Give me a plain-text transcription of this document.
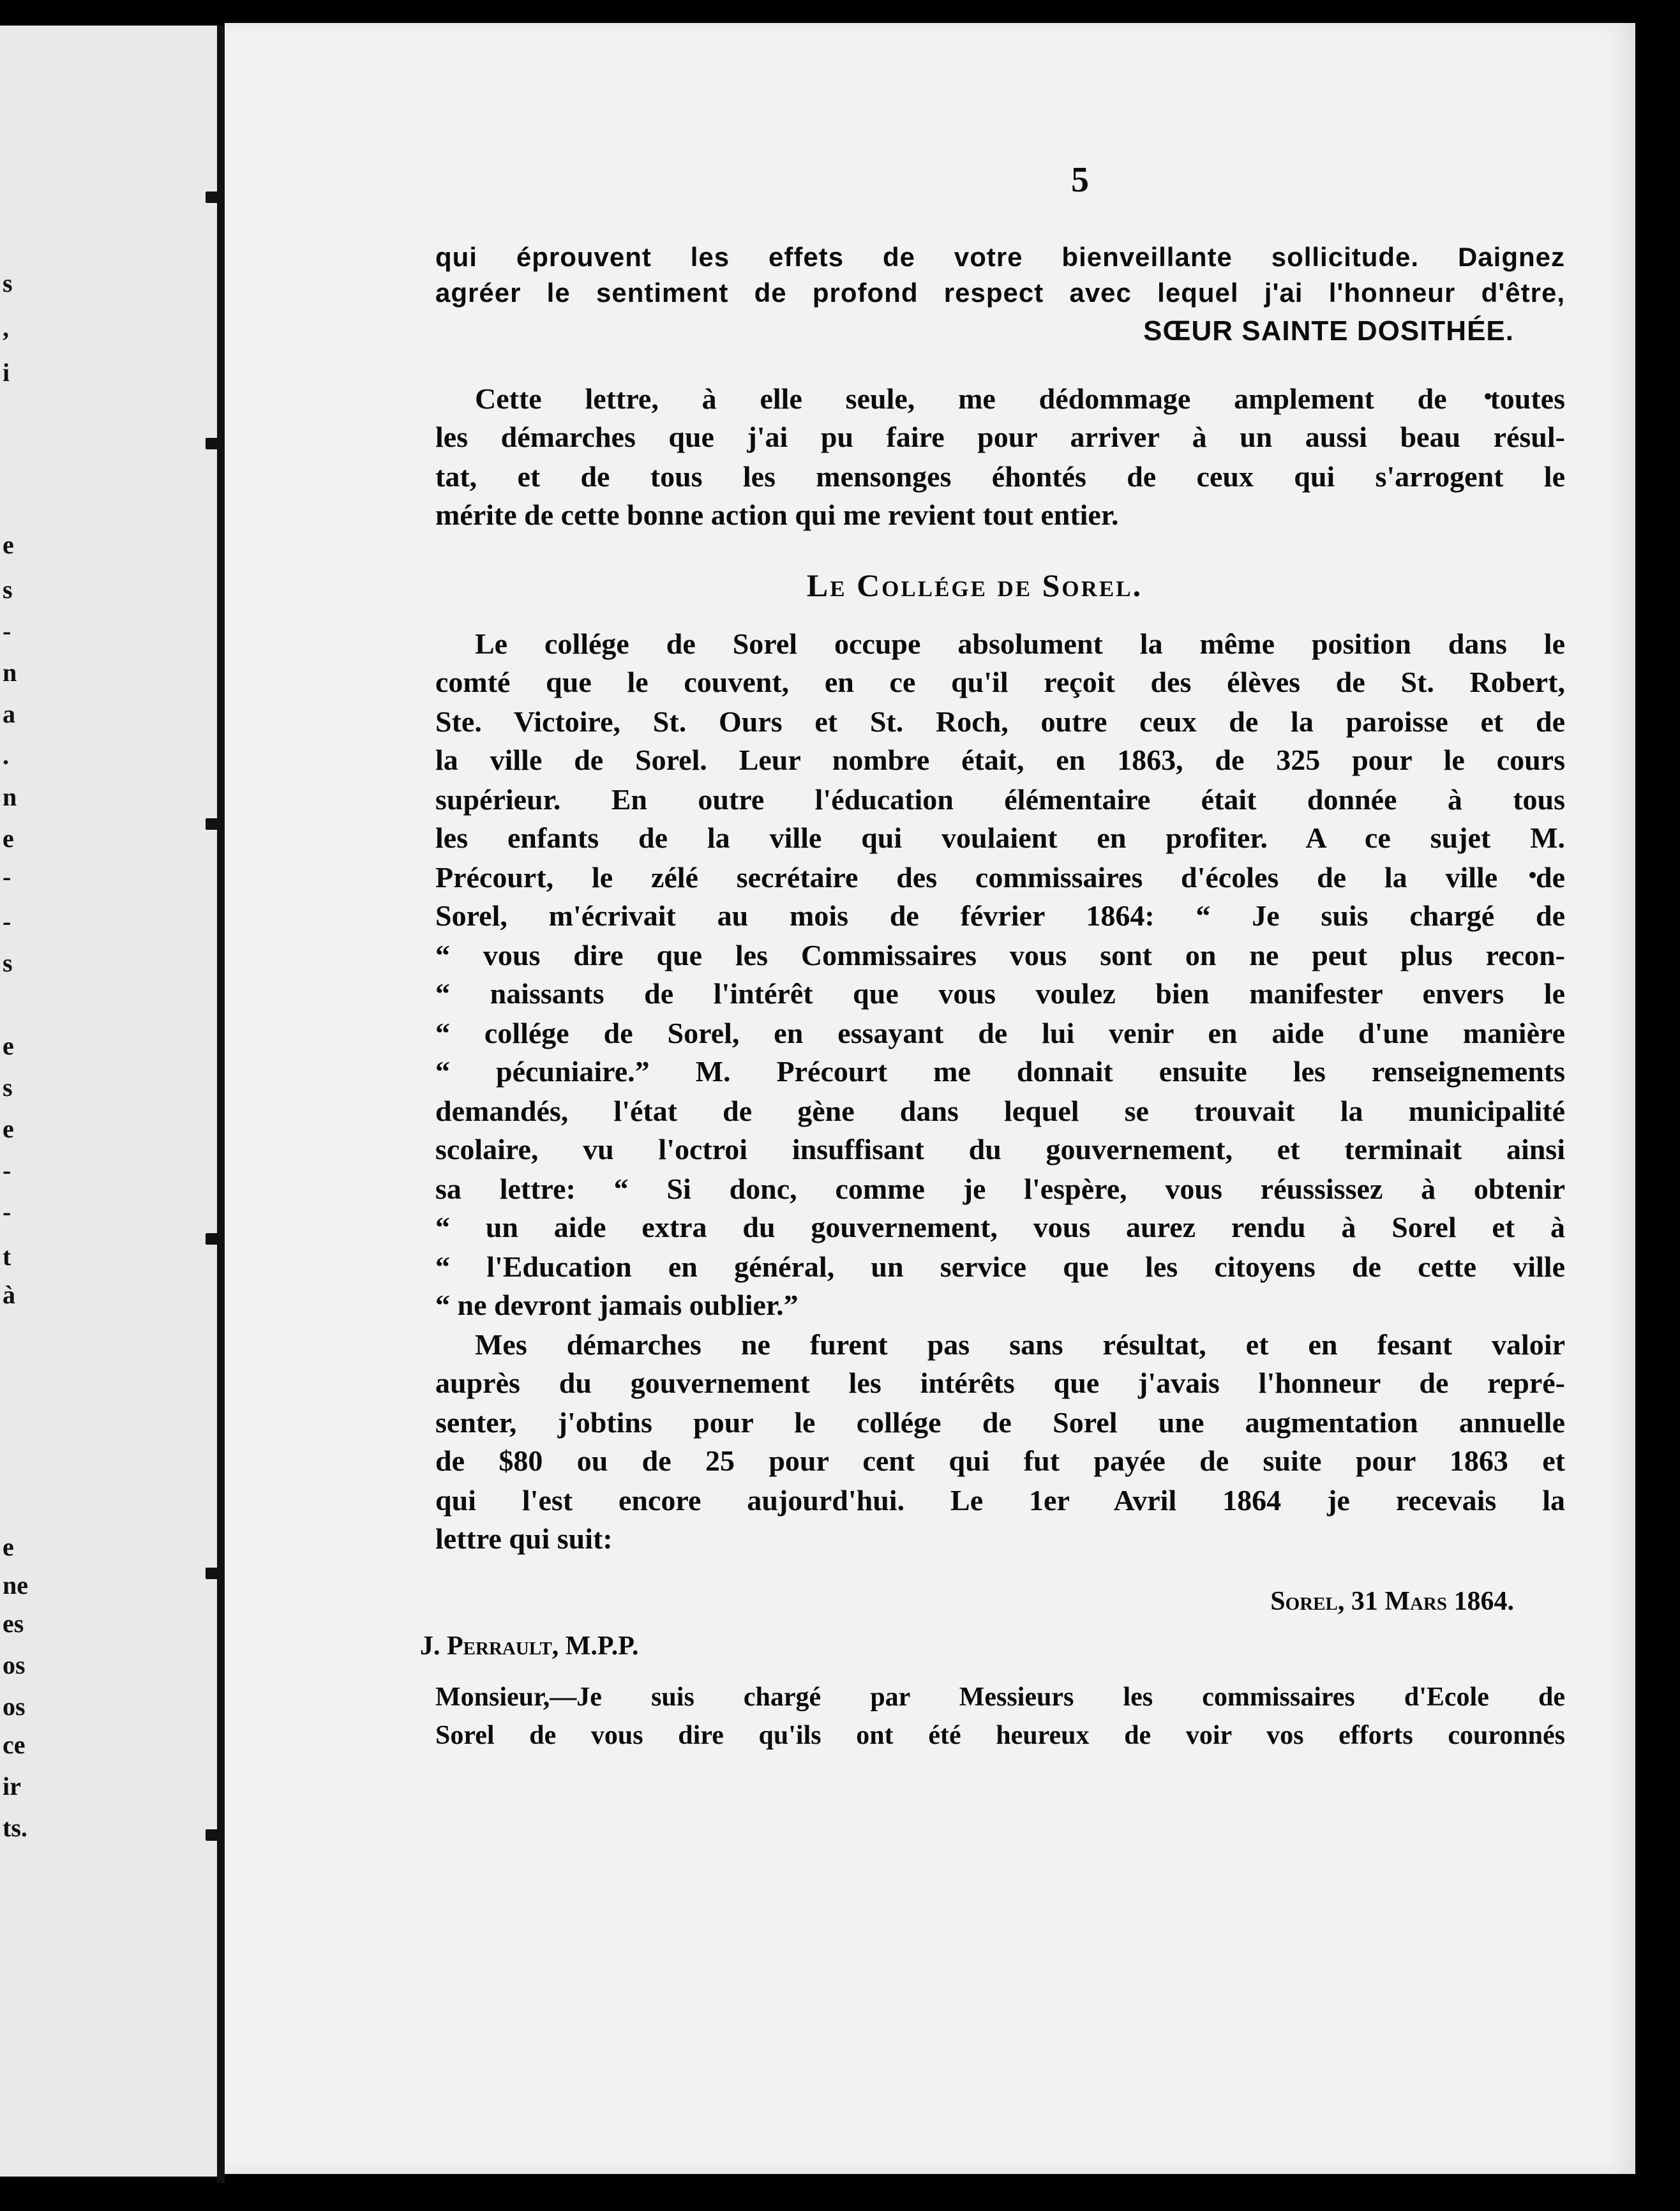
s
,
i
e
s
-
n
a
.
n
e
-
-
s
e
s
e
-
-
t
à
e
ne
es
os
os
ce
ir
ts.
5
qui éprouvent les effets de votre bienveillante sollicitude. Daignez
agréer le sentiment de profond respect avec lequel j'ai l'honneur d'être,
SŒUR SAINTE DOSITHÉE.
Cette lettre, à elle seule, me dédommage amplement de toutes
les démarches que j'ai pu faire pour arriver à un aussi beau résul-
tat, et de tous les mensonges éhontés de ceux qui s'arrogent le
mérite de cette bonne action qui me revient tout entier.
Le Collége de Sorel.
Le collége de Sorel occupe absolument la même position dans le
comté que le couvent, en ce qu'il reçoit des élèves de St. Robert,
Ste. Victoire, St. Ours et St. Roch, outre ceux de la paroisse et de
la ville de Sorel. Leur nombre était, en 1863, de 325 pour le cours
supérieur. En outre l'éducation élémentaire était donnée à tous
les enfants de la ville qui voulaient en profiter. A ce sujet M.
Précourt, le zélé secrétaire des commissaires d'écoles de la ville de
Sorel, m'écrivait au mois de février 1864: “ Je suis chargé de
“ vous dire que les Commissaires vous sont on ne peut plus recon-
“ naissants de l'intérêt que vous voulez bien manifester envers le
“ collége de Sorel, en essayant de lui venir en aide d'une manière
“ pécuniaire.” M. Précourt me donnait ensuite les renseignements
demandés, l'état de gène dans lequel se trouvait la municipalité
scolaire, vu l'octroi insuffisant du gouvernement, et terminait ainsi
sa lettre: “ Si donc, comme je l'espère, vous réussissez à obtenir
“ un aide extra du gouvernement, vous aurez rendu à Sorel et à
“ l'Education en général, un service que les citoyens de cette ville
“ ne devront jamais oublier.”
Mes démarches ne furent pas sans résultat, et en fesant valoir
auprès du gouvernement les intérêts que j'avais l'honneur de repré-
senter, j'obtins pour le collége de Sorel une augmentation annuelle
de $80 ou de 25 pour cent qui fut payée de suite pour 1863 et
qui l'est encore aujourd'hui. Le 1er Avril 1864 je recevais la
lettre qui suit:
Sorel, 31 Mars 1864.
J. Perrault, M.P.P.
Monsieur,—Je suis chargé par Messieurs les commissaires d'Ecole de
Sorel de vous dire qu'ils ont été heureux de voir vos efforts couronnés
